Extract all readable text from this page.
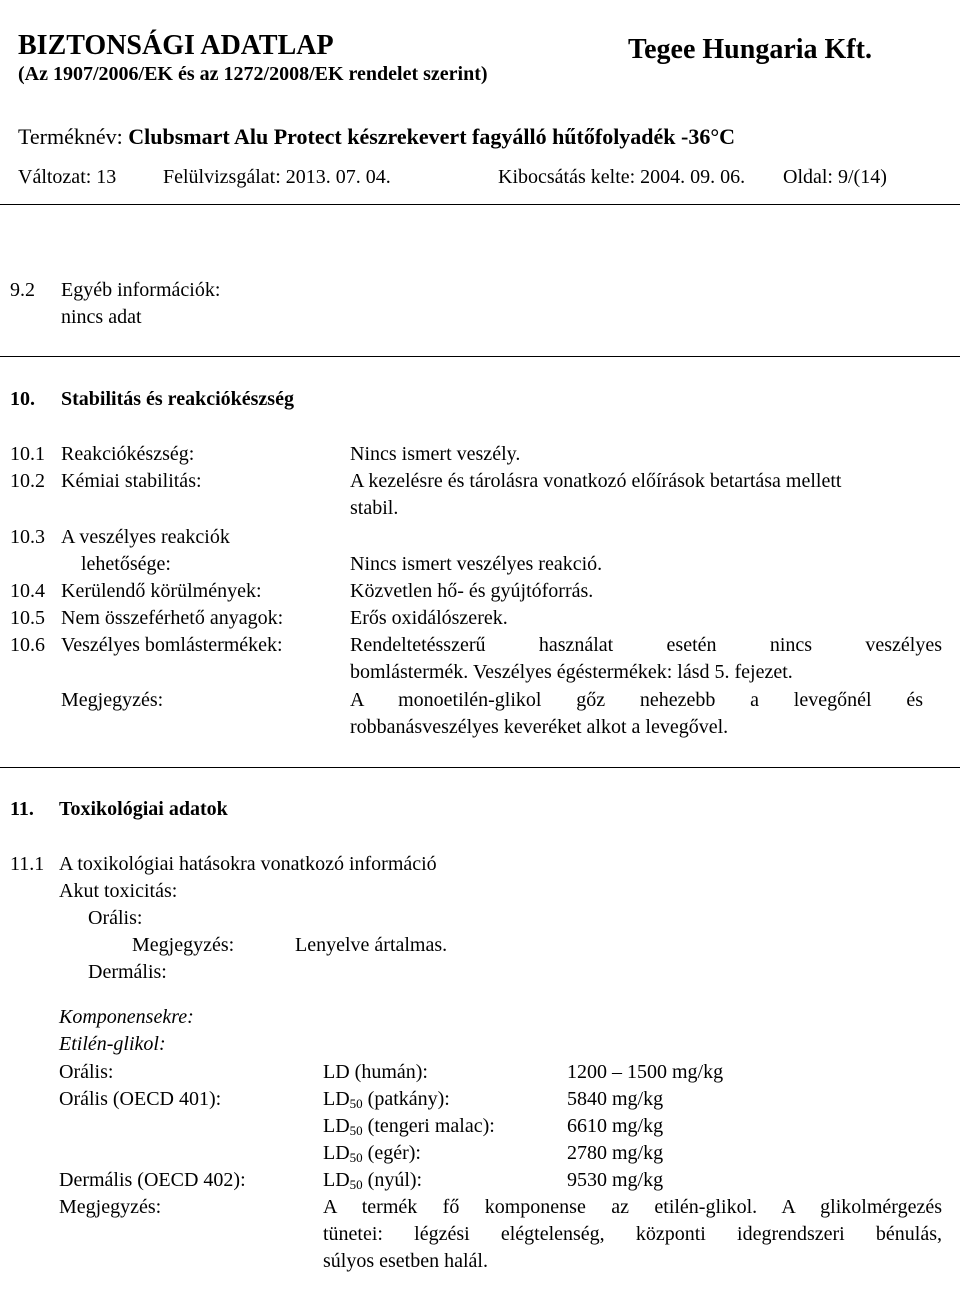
BIZTONSÁGI ADATLAP
(Az 1907/2006/EK és az 1272/2008/EK rendelet szerint)
Tegee Hungaria Kft.
Terméknév: Clubsmart Alu Protect készrekevert fagyálló hűtőfolyadék -36°C
Változat: 13 Felülvizsgálat: 2013. 07. 04.	Kibocsátás kelte: 2004. 09. 06. Oldal: 9/(14)
9.2 Egyéb információk:
nincs adat
10. Stabilitás és reakciókészség
10.1 Reakciókészség:	Nincs ismert veszély.
10.2 Kémiai stabilitás:	A kezelésre és tárolásra vonatkozó előírások betartása mellett
stabil.
10.3 A veszélyes reakciók
lehetősége:	Nincs ismert veszélyes reakció.
10.4 Kerülendő körülmények:	Közvetlen hő- és gyújtóforrás.
10.5 Nem összeférhető anyagok:	Erős oxidálószerek.
10.6 Veszélyes bomlástermékek:	Rendeltetésszerű használat esetén nincs veszélyes
bomlástermék. Veszélyes égéstermékek: lásd 5. fejezet.
Megjegyzés:	A monoetilén-glikol gőz nehezebb a levegőnél és
robbanásveszélyes keveréket alkot a levegővel.
11. Toxikológiai adatok
11.1 A toxikológiai hatásokra vonatkozó információ
Akut toxicitás:
Orális:
Megjegyzés:	Lenyelve ártalmas.
Dermális:
Komponensekre:
Etilén-glikol:
Orális:	LD (humán):	1200 – 1500 mg/kg
Orális (OECD 401):	$LD_{50}$ (patkány):	5840 mg/kg
$LD_{50}$ (tengeri malac):	6610 mg/kg
$LD_{50}$ (egér):	2780 mg/kg
Dermális (OECD 402):	$LD_{50}$ (nyúl):	9530 mg/kg
Megjegyzés:	A termék fő komponense az etilén-glikol. A glikolmérgezés
tünetei: légzési elégtelenség, központi idegrendszeri bénulás,
súlyos esetben halál.
